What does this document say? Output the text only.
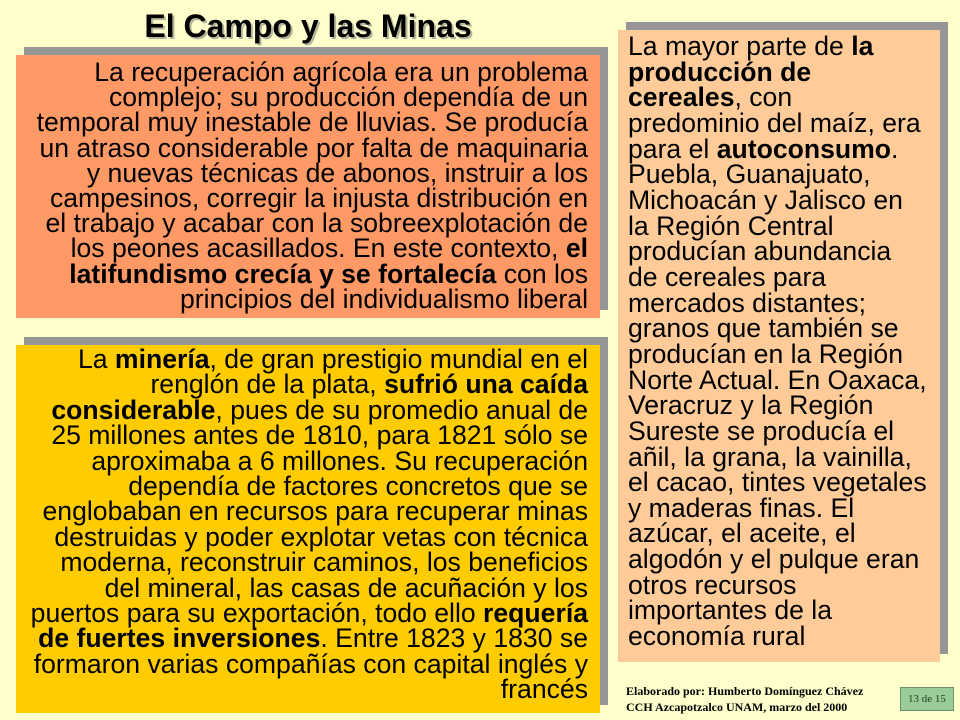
El Campo y las Minas
La recuperación agrícola era un problema
complejo; su producción dependía de un
temporal muy inestable de lluvias. Se producía
un atraso considerable por falta de maquinaria
y nuevas técnicas de abonos, instruir a los
campesinos, corregir la injusta distribución en
el trabajo y acabar con la sobreexplotación de
los peones acasillados. En este contexto, el
latifundismo crecía y se fortalecía con los
principios del individualismo liberal
La minería, de gran prestigio mundial en el
renglón de la plata, sufrió una caída
considerable, pues de su promedio anual de
25 millones antes de 1810, para 1821 sólo se
aproximaba a 6 millones. Su recuperación
dependía de factores concretos que se
englobaban en recursos para recuperar minas
destruidas y poder explotar vetas con técnica
moderna, reconstruir caminos, los beneficios
del mineral, las casas de acuñación y los
puertos para su exportación, todo ello requería
de fuertes inversiones. Entre 1823 y 1830 se
formaron varias compañías con capital inglés y
francés
La mayor parte de la
producción de
cereales, con
predominio del maíz, era
para el autoconsumo.
Puebla, Guanajuato,
Michoacán y Jalisco en
la Región Central
producían abundancia
de cereales para
mercados distantes;
granos que también se
producían en la Región
Norte Actual. En Oaxaca,
Veracruz y la Región
Sureste se producía el
añil, la grana, la vainilla,
el cacao, tintes vegetales
y maderas finas. El
azúcar, el aceite, el
algodón y el pulque eran
otros recursos
importantes de la
economía rural
Elaborado por: Humberto Domínguez Chávez
CCH Azcapotzalco UNAM, marzo del 2000
13 de 15
